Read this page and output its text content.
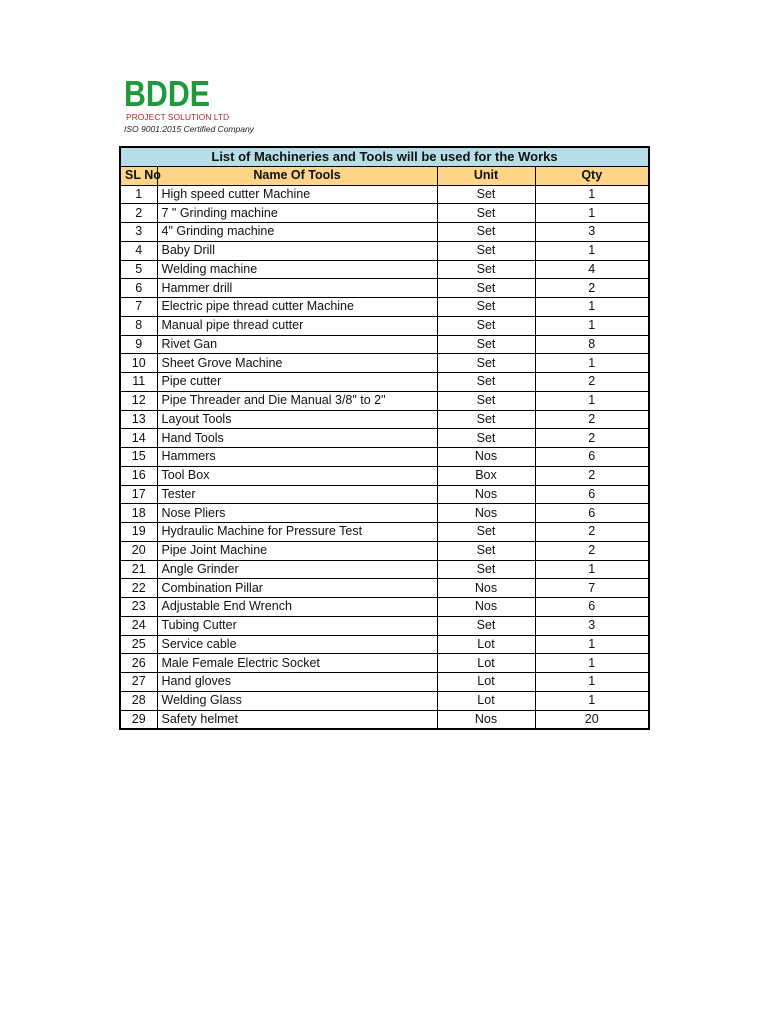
BDDE
PROJECT SOLUTION LTD
ISO 9001:2015 Certified Company
List of Machineries and Tools will be used for the Works			
SL No	Name Of Tools	Unit	Qty
1	High speed cutter Machine	Set	1
2	7 " Grinding machine	Set	1
3	4" Grinding machine	Set	3
4	Baby Drill	Set	1
5	Welding machine	Set	4
6	Hammer drill	Set	2
7	Electric pipe thread cutter Machine	Set	1
8	Manual pipe thread cutter	Set	1
9	Rivet Gan	Set	8
10	Sheet Grove Machine	Set	1
11	Pipe cutter	Set	2
12	Pipe Threader and Die Manual 3/8" to 2"	Set	1
13	Layout Tools	Set	2
14	Hand Tools	Set	2
15	Hammers	Nos	6
16	Tool Box	Box	2
17	Tester	Nos	6
18	Nose Pliers	Nos	6
19	Hydraulic Machine for Pressure Test	Set	2
20	Pipe Joint Machine	Set	2
21	Angle Grinder	Set	1
22	Combination Pillar	Nos	7
23	Adjustable End Wrench	Nos	6
24	Tubing Cutter	Set	3
25	Service cable	Lot	1
26	Male Female Electric Socket	Lot	1
27	Hand gloves	Lot	1
28	Welding Glass	Lot	1
29	Safety helmet	Nos	20
